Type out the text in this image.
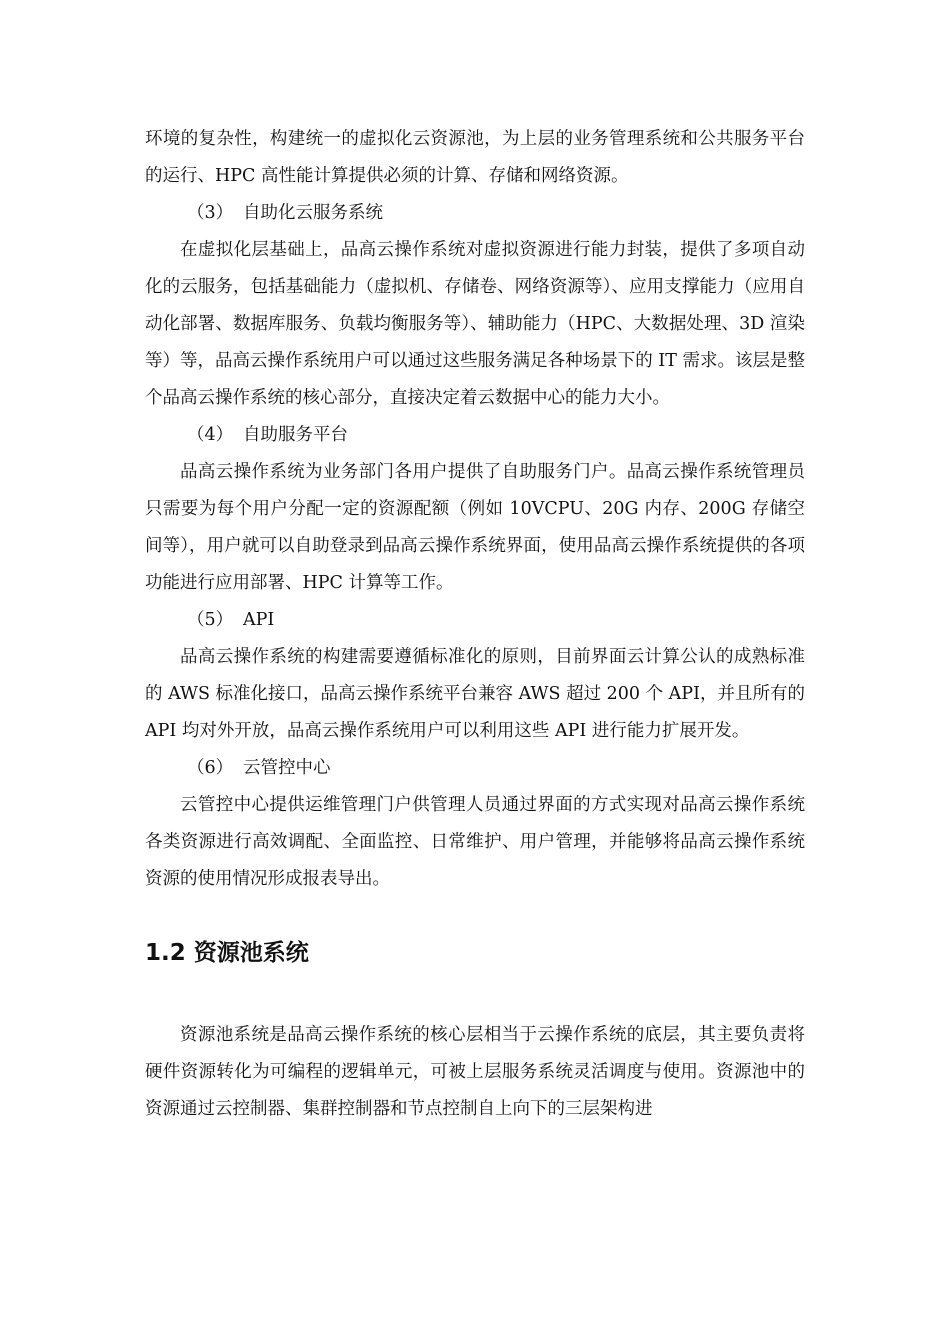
环境的复杂性，构建统一的虚拟化云资源池，为上层的业务管理系统和公共服务平台的运行、HPC 高性能计算提供必须的计算、存储和网络资源。

（3） 自助化云服务系统

在虚拟化层基础上，品高云操作系统对虚拟资源进行能力封装，提供了多项自动化的云服务，包括基础能力（虚拟机、存储卷、网络资源等）、应用支撑能力（应用自动化部署、数据库服务、负载均衡服务等）、辅助能力（HPC、大数据处理、3D 渲染等）等，品高云操作系统用户可以通过这些服务满足各种场景下的 IT 需求。该层是整个品高云操作系统的核心部分，直接决定着云数据中心的能力大小。

（4） 自助服务平台

品高云操作系统为业务部门各用户提供了自助服务门户。品高云操作系统管理员只需要为每个用户分配一定的资源配额（例如 10VCPU、20G 内存、200G 存储空间等），用户就可以自助登录到品高云操作系统界面，使用品高云操作系统提供的各项功能进行应用部署、HPC 计算等工作。

（5） API

品高云操作系统的构建需要遵循标准化的原则，目前界面云计算公认的成熟标准的 AWS 标准化接口，品高云操作系统平台兼容 AWS 超过 200 个 API，并且所有的 API 均对外开放，品高云操作系统用户可以利用这些 API 进行能力扩展开发。

（6） 云管控中心

云管控中心提供运维管理门户供管理人员通过界面的方式实现对品高云操作系统各类资源进行高效调配、全面监控、日常维护、用户管理，并能够将品高云操作系统资源的使用情况形成报表导出。

1.2 资源池系统

资源池系统是品高云操作系统的核心层相当于云操作系统的底层，其主要负责将硬件资源转化为可编程的逻辑单元，可被上层服务系统灵活调度与使用。资源池中的资源通过云控制器、集群控制器和节点控制自上向下的三层架构进
